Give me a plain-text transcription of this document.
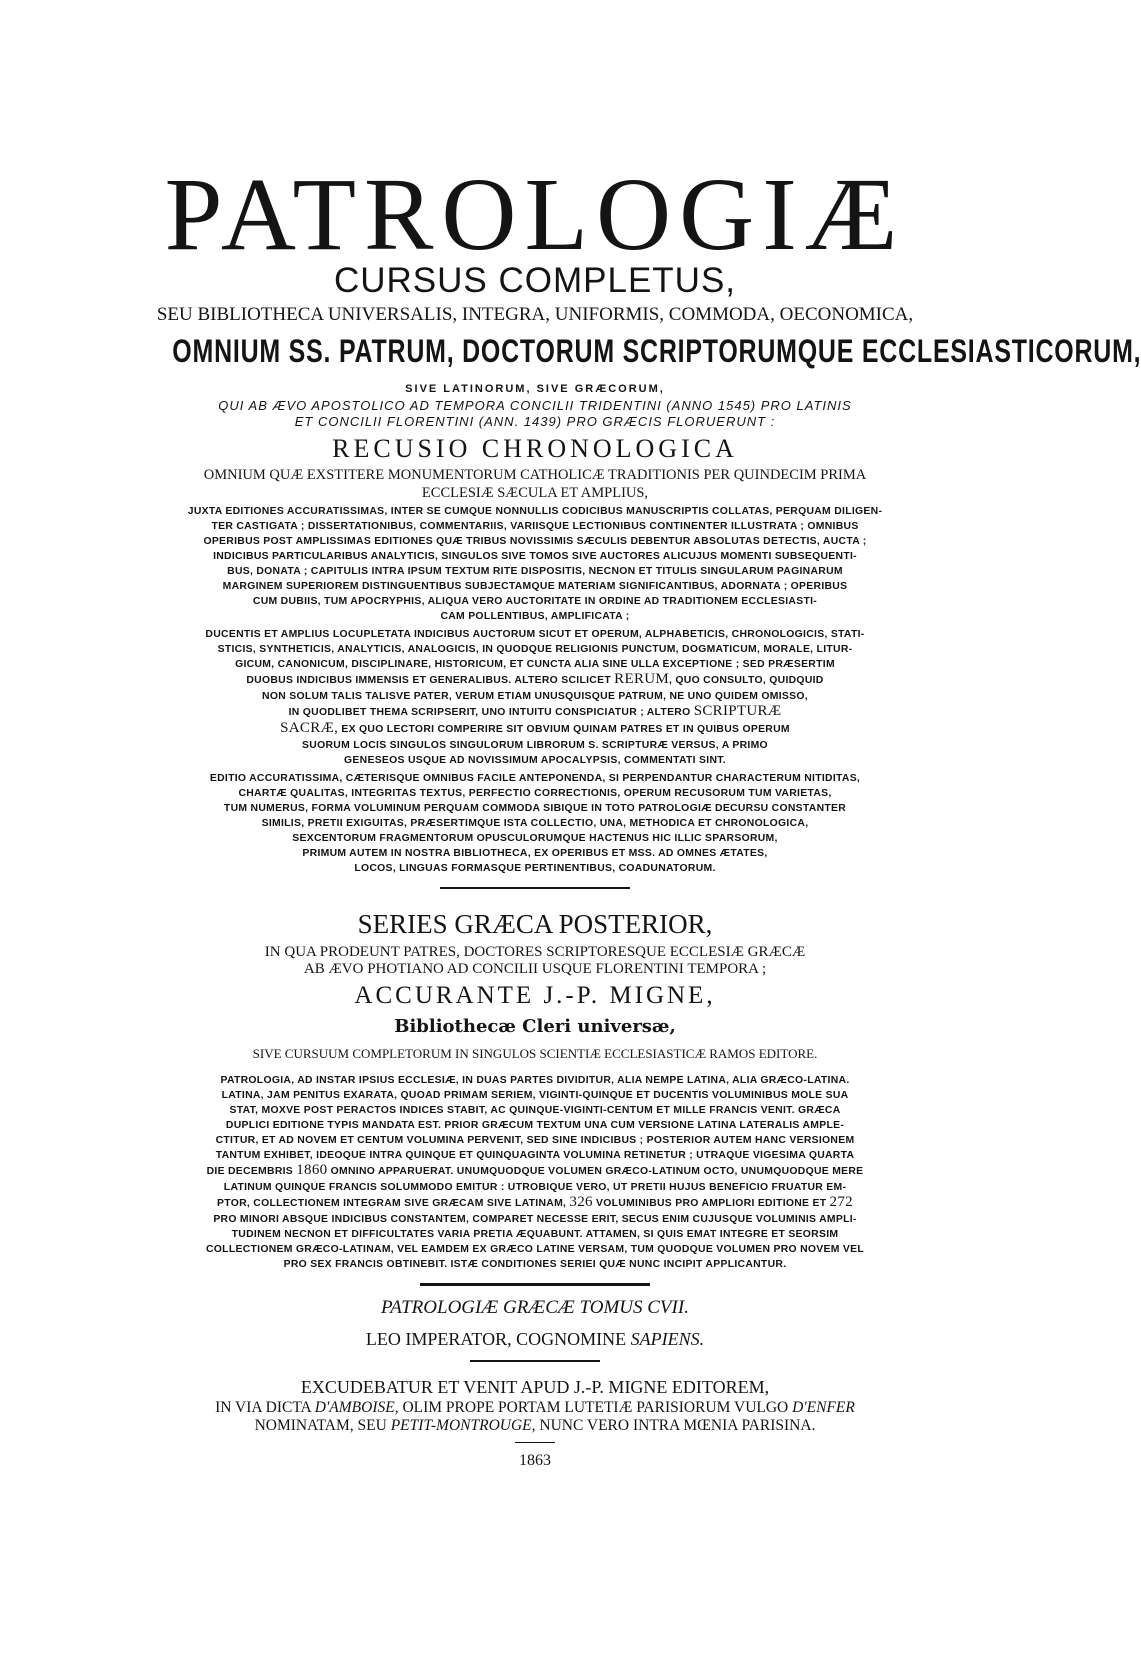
PATROLOGIÆ
CURSUS COMPLETUS,
SEU BIBLIOTHECA UNIVERSALIS, INTEGRA, UNIFORMIS, COMMODA, OECONOMICA,
OMNIUM SS. PATRUM, DOCTORUM SCRIPTORUMQUE ECCLESIASTICORUM,
SIVE LATINORUM, SIVE GRÆCORUM,
QUI AB ÆVO APOSTOLICO AD TEMPORA CONCILII TRIDENTINI (ANNO 1545) PRO LATINIS
ET CONCILII FLORENTINI (ANN. 1439) PRO GRÆCIS FLORUERUNT :
RECUSIO CHRONOLOGICA
OMNIUM QUÆ EXSTITERE MONUMENTORUM CATHOLICÆ TRADITIONIS PER QUINDECIM PRIMA
ECCLESIÆ SÆCULA ET AMPLIUS,
JUXTA EDITIONES ACCURATISSIMAS, INTER SE CUMQUE NONNULLIS CODICIBUS MANUSCRIPTIS COLLATAS, PERQUAM DILIGEN-
TER CASTIGATA ; DISSERTATIONIBUS, COMMENTARIIS, VARIISQUE LECTIONIBUS CONTINENTER ILLUSTRATA ; OMNIBUS
OPERIBUS POST AMPLISSIMAS EDITIONES QUÆ TRIBUS NOVISSIMIS SÆCULIS DEBENTUR ABSOLUTAS DETECTIS, AUCTA ;
INDICIBUS PARTICULARIBUS ANALYTICIS, SINGULOS SIVE TOMOS SIVE AUCTORES ALICUJUS MOMENTI SUBSEQUENTI-
BUS, DONATA ; CAPITULIS INTRA IPSUM TEXTUM RITE DISPOSITIS, NECNON ET TITULIS SINGULARUM PAGINARUM
MARGINEM SUPERIOREM DISTINGUENTIBUS SUBJECTAMQUE MATERIAM SIGNIFICANTIBUS, ADORNATA ; OPERIBUS
CUM DUBIIS, TUM APOCRYPHIS, ALIQUA VERO AUCTORITATE IN ORDINE AD TRADITIONEM ECCLESIASTI-
CAM POLLENTIBUS, AMPLIFICATA ;
DUCENTIS ET AMPLIUS LOCUPLETATA INDICIBUS AUCTORUM SICUT ET OPERUM, ALPHABETICIS, CHRONOLOGICIS, STATI-
STICIS, SYNTHETICIS, ANALYTICIS, ANALOGICIS, IN QUODQUE RELIGIONIS PUNCTUM, DOGMATICUM, MORALE, LITUR-
GICUM, CANONICUM, DISCIPLINARE, HISTORICUM, ET CUNCTA ALIA SINE ULLA EXCEPTIONE ; SED PRÆSERTIM
DUOBUS INDICIBUS IMMENSIS ET GENERALIBUS. ALTERO SCILICET RERUM, QUO CONSULTO, QUIDQUID
NON SOLUM TALIS TALISVE PATER, VERUM ETIAM UNUSQUISQUE PATRUM, NE UNO QUIDEM OMISSO,
IN QUODLIBET THEMA SCRIPSERIT, UNO INTUITU CONSPICIATUR ; ALTERO SCRIPTURÆ
SACRÆ, EX QUO LECTORI COMPERIRE SIT OBVIUM QUINAM PATRES ET IN QUIBUS OPERUM
SUORUM LOCIS SINGULOS SINGULORUM LIBRORUM S. SCRIPTURÆ VERSUS, A PRIMO
GENESEOS USQUE AD NOVISSIMUM APOCALYPSIS, COMMENTATI SINT.
EDITIO ACCURATISSIMA, CÆTERISQUE OMNIBUS FACILE ANTEPONENDA, SI PERPENDANTUR CHARACTERUM NITIDITAS,
CHARTÆ QUALITAS, INTEGRITAS TEXTUS, PERFECTIO CORRECTIONIS, OPERUM RECUSORUM TUM VARIETAS,
TUM NUMERUS, FORMA VOLUMINUM PERQUAM COMMODA SIBIQUE IN TOTO PATROLOGIÆ DECURSU CONSTANTER
SIMILIS, PRETII EXIGUITAS, PRÆSERTIMQUE ISTA COLLECTIO, UNA, METHODICA ET CHRONOLOGICA,
SEXCENTORUM FRAGMENTORUM OPUSCULORUMQUE HACTENUS HIC ILLIC SPARSORUM,
PRIMUM AUTEM IN NOSTRA BIBLIOTHECA, EX OPERIBUS ET MSS. AD OMNES ÆTATES,
LOCOS, LINGUAS FORMASQUE PERTINENTIBUS, COADUNATORUM.
SERIES GRÆCA POSTERIOR,
IN QUA PRODEUNT PATRES, DOCTORES SCRIPTORESQUE ECCLESIÆ GRÆCÆ
AB ÆVO PHOTIANO AD CONCILII USQUE FLORENTINI TEMPORA ;
ACCURANTE J.-P. MIGNE,
Bibliothecæ Cleri universæ,
SIVE CURSUUM COMPLETORUM IN SINGULOS SCIENTIÆ ECCLESIASTICÆ RAMOS EDITORE.
PATROLOGIA, AD INSTAR IPSIUS ECCLESIÆ, IN DUAS PARTES DIVIDITUR, ALIA NEMPE LATINA, ALIA GRÆCO-LATINA.
LATINA, JAM PENITUS EXARATA, QUOAD PRIMAM SERIEM, VIGINTI-QUINQUE ET DUCENTIS VOLUMINIBUS MOLE SUA
STAT, MOXVE POST PERACTOS INDICES STABIT, AC QUINQUE-VIGINTI-CENTUM ET MILLE FRANCIS VENIT. GRÆCA
DUPLICI EDITIONE TYPIS MANDATA EST. PRIOR GRÆCUM TEXTUM UNA CUM VERSIONE LATINA LATERALIS AMPLE-
CTITUR, ET AD NOVEM ET CENTUM VOLUMINA PERVENIT, SED SINE INDICIBUS ; POSTERIOR AUTEM HANC VERSIONEM
TANTUM EXHIBET, IDEOQUE INTRA QUINQUE ET QUINQUAGINTA VOLUMINA RETINETUR ; UTRAQUE VIGESIMA QUARTA
DIE DECEMBRIS 1860 OMNINO APPARUERAT. UNUMQUODQUE VOLUMEN GRÆCO-LATINUM OCTO, UNUMQUODQUE MERE
LATINUM QUINQUE FRANCIS SOLUMMODO EMITUR : UTROBIQUE VERO, UT PRETII HUJUS BENEFICIO FRUATUR EM-
PTOR, COLLECTIONEM INTEGRAM SIVE GRÆCAM SIVE LATINAM, 326 VOLUMINIBUS PRO AMPLIORI EDITIONE ET 272
PRO MINORI ABSQUE INDICIBUS CONSTANTEM, COMPARET NECESSE ERIT, SECUS ENIM CUJUSQUE VOLUMINIS AMPLI-
TUDINEM NECNON ET DIFFICULTATES VARIA PRETIA ÆQUABUNT. ATTAMEN, SI QUIS EMAT INTEGRE ET SEORSIM
COLLECTIONEM GRÆCO-LATINAM, VEL EAMDEM EX GRÆCO LATINE VERSAM, TUM QUODQUE VOLUMEN PRO NOVEM VEL
PRO SEX FRANCIS OBTINEBIT. ISTÆ CONDITIONES SERIEI QUÆ NUNC INCIPIT APPLICANTUR.
PATROLOGIÆ GRÆCÆ TOMUS CVII.
LEO IMPERATOR, COGNOMINE SAPIENS.
EXCUDEBATUR ET VENIT APUD J.-P. MIGNE EDITOREM,
IN VIA DICTA D'AMBOISE, OLIM PROPE PORTAM LUTETIÆ PARISIORUM VULGO D'ENFER
NOMINATAM, SEU PETIT-MONTROUGE, NUNC VERO INTRA MŒNIA PARISINA.
1863
